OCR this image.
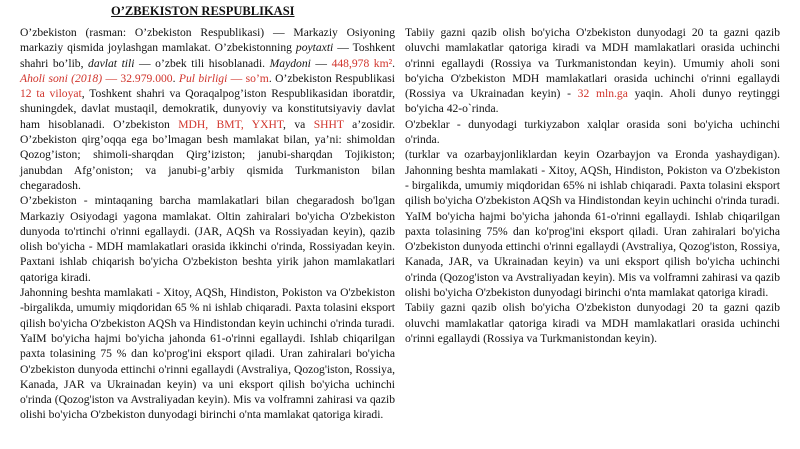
O’ZBEKISTON RESPUBLIKASI

O’zbekiston (rasman: O’zbekiston Respublikasi) — Markaziy Osiyoning markaziy qismida joylashgan mamlakat. O’zbekistonning poytaxti — Toshkent shahri bo’lib, davlat tili — o’zbek tili hisoblanadi. Maydoni — 448,978 km². Aholi soni (2018) — 32.979.000. Pul birligi — so’m. O’zbekiston Respublikasi 12 ta viloyat, Toshkent shahri va Qoraqalpog’iston Respublikasidan iboratdir, shuningdek, davlat mustaqil, demokratik, dunyoviy va konstitutsiyaviy davlat ham hisoblanadi. O’zbekiston MDH, BMT, YXHT, va SHHT a’zosidir. O’zbekiston qirg’oqqa ega bo’lmagan besh mamlakat bilan, ya’ni: shimoldan Qozog’iston; shimoli-sharqdan Qirg’iziston; janubi-sharqdan Tojikiston; janubdan Afg’oniston; va janubi-g’arbiy qismida Turkmaniston bilan chegaradosh.

O’zbekiston - mintaqaning barcha mamlakatlari bilan chegaradosh bo'lgan Markaziy Osiyodagi yagona mamlakat. Oltin zahiralari bo'yicha O'zbekiston dunyoda to'rtinchi o'rinni egallaydi. (JAR, AQSh va Rossiyadan keyin), qazib olish bo'yicha - MDH mamlakatlari orasida ikkinchi o'rinda, Rossiyadan keyin. Paxtani ishlab chiqarish bo'yicha O'zbekiston beshta yirik jahon mamlakatlari qatoriga kiradi.

Jahonning beshta mamlakati - Xitoy, AQSh, Hindiston, Pokiston va O'zbekiston -birgalikda, umumiy miqdoridan 65 % ni ishlab chiqaradi. Paxta tolasini eksport qilish bo'yicha O'zbekiston AQSh va Hindistondan keyin uchinchi o'rinda turadi.

YaIM bo'yicha hajmi bo'yicha jahonda 61-o'rinni egallaydi. Ishlab chiqarilgan paxta tolasining 75 % dan ko'prog'ini eksport qiladi. Uran zahiralari bo'yicha O'zbekiston dunyoda ettinchi o'rinni egallaydi (Avstraliya, Qozog'iston, Rossiya, Kanada, JAR va Ukrainadan keyin) va uni eksport qilish bo'yicha uchinchi o'rinda (Qozog'iston va Avstraliyadan keyin). Mis va volframni zahirasi va qazib olishi bo'yicha O'zbekiston dunyodagi birinchi o'nta mamlakat qatoriga kiradi.

Tabiiy gazni qazib olish bo'yicha O'zbekiston dunyodagi 20 ta gazni qazib oluvchi mamlakatlar qatoriga kiradi va MDH mamlakatlari orasida uchinchi o'rinni egallaydi (Rossiya va Turkmanistondan keyin). Umumiy aholi soni bo'yicha O'zbekiston MDH mamlakatlari orasida uchinchi o'rinni egallaydi (Rossiya va Ukrainadan keyin) - 32 mln.ga yaqin. Aholi dunyo reytinggi bo'yicha 42-o`rinda.

O'zbeklar - dunyodagi turkiyzabon xalqlar orasida soni bo'yicha uchinchi o'rinda.

(turklar va ozarbayjonliklardan keyin Ozarbayjon va Eronda yashaydigan). Jahonning beshta mamlakati - Xitoy, AQSh, Hindiston, Pokiston va O'zbekiston - birgalikda, umumiy miqdoridan 65% ni ishlab chiqaradi. Paxta tolasini eksport qilish bo'yicha O'zbekiston AQSh va Hindistondan keyin uchinchi o'rinda turadi.

YaIM bo'yicha hajmi bo'yicha jahonda 61-o'rinni egallaydi. Ishlab chiqarilgan paxta tolasining 75% dan ko'prog'ini eksport qiladi. Uran zahiralari bo'yicha O'zbekiston dunyoda ettinchi o'rinni egallaydi (Avstraliya, Qozog'iston, Rossiya, Kanada, JAR, va Ukrainadan keyin) va uni eksport qilish bo'yicha uchinchi o'rinda (Qozog'iston va Avstraliyadan keyin). Mis va volframni zahirasi va qazib olishi bo'yicha O'zbekiston dunyodagi birinchi o'nta mamlakat qatoriga kiradi.

Tabiiy gazni qazib olish bo'yicha O'zbekiston dunyodagi 20 ta gazni qazib oluvchi mamlakatlar qatoriga kiradi va MDH mamlakatlari orasida uchinchi o'rinni egallaydi (Rossiya va Turkmanistondan keyin).
